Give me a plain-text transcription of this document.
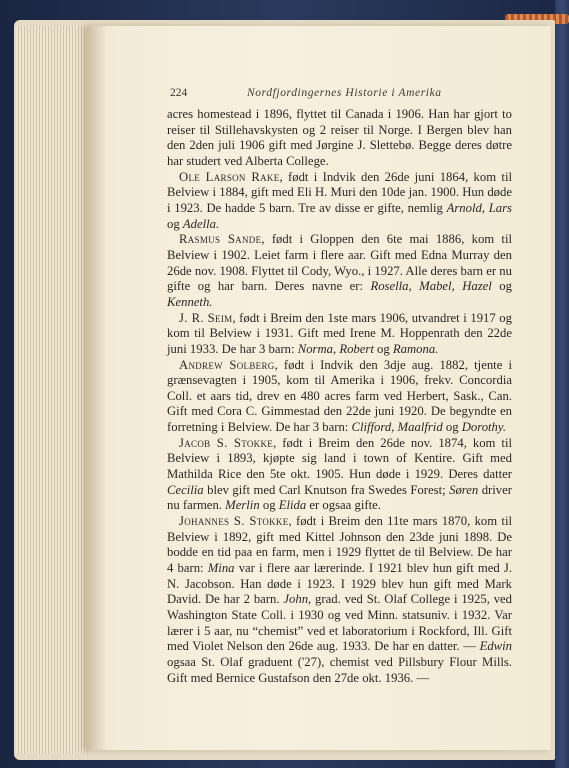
224	Nordfjordingernes Historie i Amerika

acres homestead i 1896, flyttet til Canada i 1906. Han har gjort to reiser til Stillehavskysten og 2 reiser til Norge. I Bergen blev han den 2den juli 1906 gift med Jørgine J. Slettebø. Begge deres døtre har studert ved Alberta College.

Ole Larson Rake, født i Indvik den 26de juni 1864, kom til Belview i 1884, gift med Eli H. Muri den 10de jan. 1900. Hun døde i 1923. De hadde 5 barn. Tre av disse er gifte, nemlig Arnold, Lars og Adella.

Rasmus Sande, født i Gloppen den 6te mai 1886, kom til Belview i 1902. Leiet farm i flere aar. Gift med Edna Murray den 26de nov. 1908. Flyttet til Cody, Wyo., i 1927. Alle deres barn er nu gifte og har barn. Deres navne er: Rosella, Mabel, Hazel og Kenneth.

J. R. Seim, født i Breim den 1ste mars 1906, utvandret i 1917 og kom til Belview i 1931. Gift med Irene M. Hoppenrath den 22de juni 1933. De har 3 barn: Norma, Robert og Ramona.

Andrew Solberg, født i Indvik den 3dje aug. 1882, tjente i grænsevagten i 1905, kom til Amerika i 1906, frekv. Concordia Coll. et aars tid, drev en 480 acres farm ved Herbert, Sask., Can. Gift med Cora C. Gimmestad den 22de juni 1920. De begyndte en forretning i Belview. De har 3 barn: Clifford, Maalfrid og Dorothy.

Jacob S. Stokke, født i Breim den 26de nov. 1874, kom til Belview i 1893, kjøpte sig land i town of Kentire. Gift med Mathilda Rice den 5te okt. 1905. Hun døde i 1929. Deres datter Cecilia blev gift med Carl Knutson fra Swedes Forest; Søren driver nu farmen. Merlin og Elida er ogsaa gifte.

Johannes S. Stokke, født i Breim den 11te mars 1870, kom til Belview i 1892, gift med Kittel Johnson den 23de juni 1898. De bodde en tid paa en farm, men i 1929 flyttet de til Belview. De har 4 barn: Mina var i flere aar lærerinde. I 1921 blev hun gift med J. N. Jacobson. Han døde i 1923. I 1929 blev hun gift med Mark David. De har 2 barn. John, grad. ved St. Olaf College i 1925, ved Washington State Coll. i 1930 og ved Minn. statsuniv. i 1932. Var lærer i 5 aar, nu “chemist” ved et laboratorium i Rockford, Ill. Gift med Violet Nelson den 26de aug. 1933. De har en datter. — Edwin ogsaa St. Olaf graduent ('27), chemist ved Pillsbury Flour Mills. Gift med Bernice Gustafson den 27de okt. 1936. —
